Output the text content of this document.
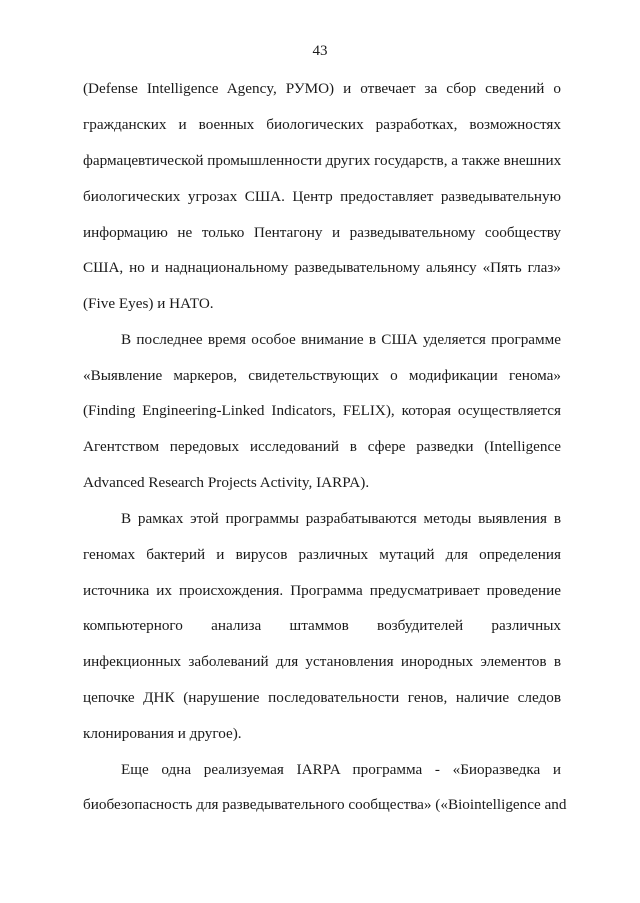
43
(Defense Intelligence Agency, РУМО) и отвечает за сбор сведений о
гражданских и военных биологических разработках, возможностях
фармацевтической промышленности других государств, а также внешних
биологических угрозах США. Центр предоставляет разведывательную
информацию не только Пентагону и разведывательному сообществу
США, но и наднациональному разведывательному альянсу «Пять глаз»
(Five Eyes) и НАТО.
В последнее время особое внимание в США уделяется программе
«Выявление маркеров, свидетельствующих о модификации генома»
(Finding Engineering-Linked Indicators, FELIX), которая осуществляется
Агентством передовых исследований в сфере разведки (Intelligence
Advanced Research Projects Activity, IARPA).
В рамках этой программы разрабатываются методы выявления в
геномах бактерий и вирусов различных мутаций для определения
источника их происхождения. Программа предусматривает проведение
компьютерного анализа штаммов возбудителей различных
инфекционных заболеваний для установления инородных элементов в
цепочке ДНК (нарушение последовательности генов, наличие следов
клонирования и другое).
Еще одна реализуемая IARPA программа - «Биоразведка и
биобезопасность для разведывательного сообщества» («Biointelligence and
